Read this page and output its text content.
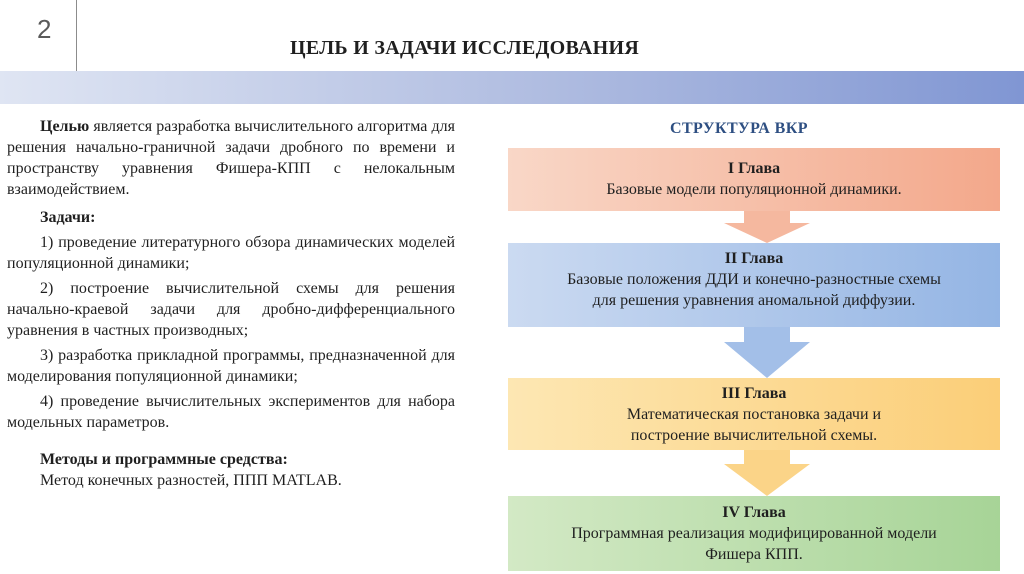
2
ЦЕЛЬ И ЗАДАЧИ ИССЛЕДОВАНИЯ

Целью является разработка вычислительного алгоритма для решения начально-граничной задачи дробного по времени и пространству уравнения Фишера-КПП с нелокальным взаимодействием.

Задачи:

1) проведение литературного обзора динамических моделей популяционной динамики;

2) построение вычислительной схемы для решения начально-краевой задачи для дробно-дифференциального уравнения в частных производных;

3) разработка прикладной программы, предназначенной для моделирования популяционной динамики;

4) проведение вычислительных экспериментов для набора модельных параметров.

Методы и программные средства:

Метод конечных разностей, ППП MATLAB.

СТРУКТУРА ВКР
I Глава
Базовые модели популяционной динамики.
II Глава
Базовые положения ДДИ и конечно-разностные схемы
для решения уравнения аномальной диффузии.
III Глава
Математическая постановка задачи и
построение вычислительной схемы.
IV Глава
Программная реализация модифицированной модели
Фишера КПП.
